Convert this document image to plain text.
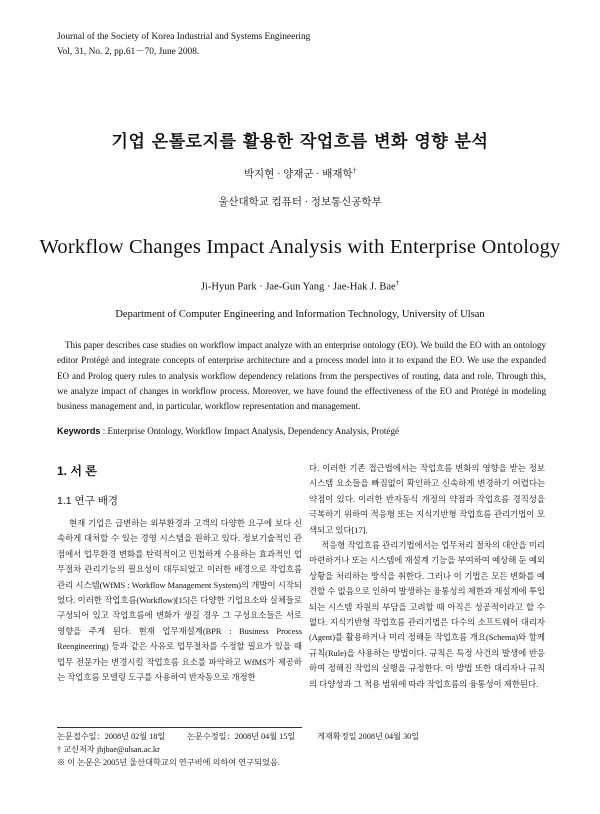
Journal of the Society of Korea Industrial and Systems Engineering
Vol, 31, No. 2, pp.61－70, June 2008.
기업 온톨로지를 활용한 작업흐름 변화 영향 분석
박지현 · 양재군 · 배재학†
울산대학교 컴퓨터 · 정보통신공학부
Workflow Changes Impact Analysis with Enterprise Ontology
Ji-Hyun Park · Jae-Gun Yang · Jae-Hak J. Bae†
Department of Computer Engineering and Information Technology, University of Ulsan
This paper describes case studies on workflow impact analyze with an enterprise ontology (EO). We build the EO with an ontology editor Protégé and integrate concepts of enterprise architecture and a process model into it to expand the EO. We use the expanded EO and Prolog query rules to analysis workflow dependency relations from the perspectives of routing, data and role. Through this, we analyze impact of changes in workflow process. Moreover, we have found the effectiveness of the EO and Protégé in modeling business management and, in particular, workflow representation and management.
Keywords : Enterprise Ontology, Workflow Impact Analysis, Dependency Analysis, Protégé
1. 서 론
1.1 연구 배경

현재 기업은 급변하는 외부환경과 고객의 다양한 요구에 보다 신속하게 대처할 수 있는 경영 시스템을 원하고 있다. 정보기술적인 관점에서 업무환경 변화를 탄력적이고 민첩하게 수용하는 효과적인 업무절차 관리기능의 필요성이 대두되었고 이러한 배경으로 작업흐름 관리 시스템(WfMS : Workflow Management System)의 개발이 시작되었다. 이러한 작업흐름(Workflow)[15]은 다양한 기업요소와 실체들로 구성되어 있고 작업흐름에 변화가 생길 경우 그 구성요소들은 서로 영향을 주게 된다. 현재 업무재설계(BPR : Business Process Reengineering) 등과 같은 사유로 업무절차를 수정할 필요가 있을 때 업무 전문가는 변경시킬 작업흐름 요소를 파악하고 WfMS가 제공하는 작업흐름 모델링 도구를 사용하여 반자동으로 개정한

다. 이러한 기존 접근법에서는 작업흐름 변화의 영향을 받는 정보 시스템 요소들을 빠짐없이 확인하고 신속하게 변경하기 어렵다는 약점이 있다. 이러한 반자동식 개정의 약점과 작업흐름 경직성을 극복하기 위하여 적응형 또는 지식기반형 작업흐름 관리기법이 모색되고 있다[17].

적응형 작업흐름 관리기법에서는 업무처리 절차의 대안을 미리 마련하거나 또는 시스템에 재설계 기능을 부여하여 예상해 둔 예외상황을 처리하는 방식을 취한다. 그러나 이 기법은 모든 변화를 예견할 수 없음으로 인하여 발생하는 융통성의 제한과 재설계에 투입되는 시스템 자원의 부담을 고려할 때 아직은 성공적이라고 할 수 없다. 지식기반형 작업흐름 관리기법은 다수의 소프트웨어 대리자(Agent)를 활용하거나 미리 정해둔 작업흐름 개요(Schema)와 함께 규칙(Rule)을 사용하는 방법이다. 규칙은 특정 사건의 발생에 반응하여 정해진 작업의 실행을 규정한다. 이 방법 또한 대리자나 규칙의 다양성과 그 적용 범위에 따라 작업흐름의 융통성이 제한된다.

논문접수일：2008년 02월 18일	논문수정일：2008년 04월 15일	게재확정일 2008년 04월 30일
† 교신저자 jhjbae@ulsan.ac.kr
※ 이 논문은 2005년 울산대학교의 연구비에 의하여 연구되었음.
